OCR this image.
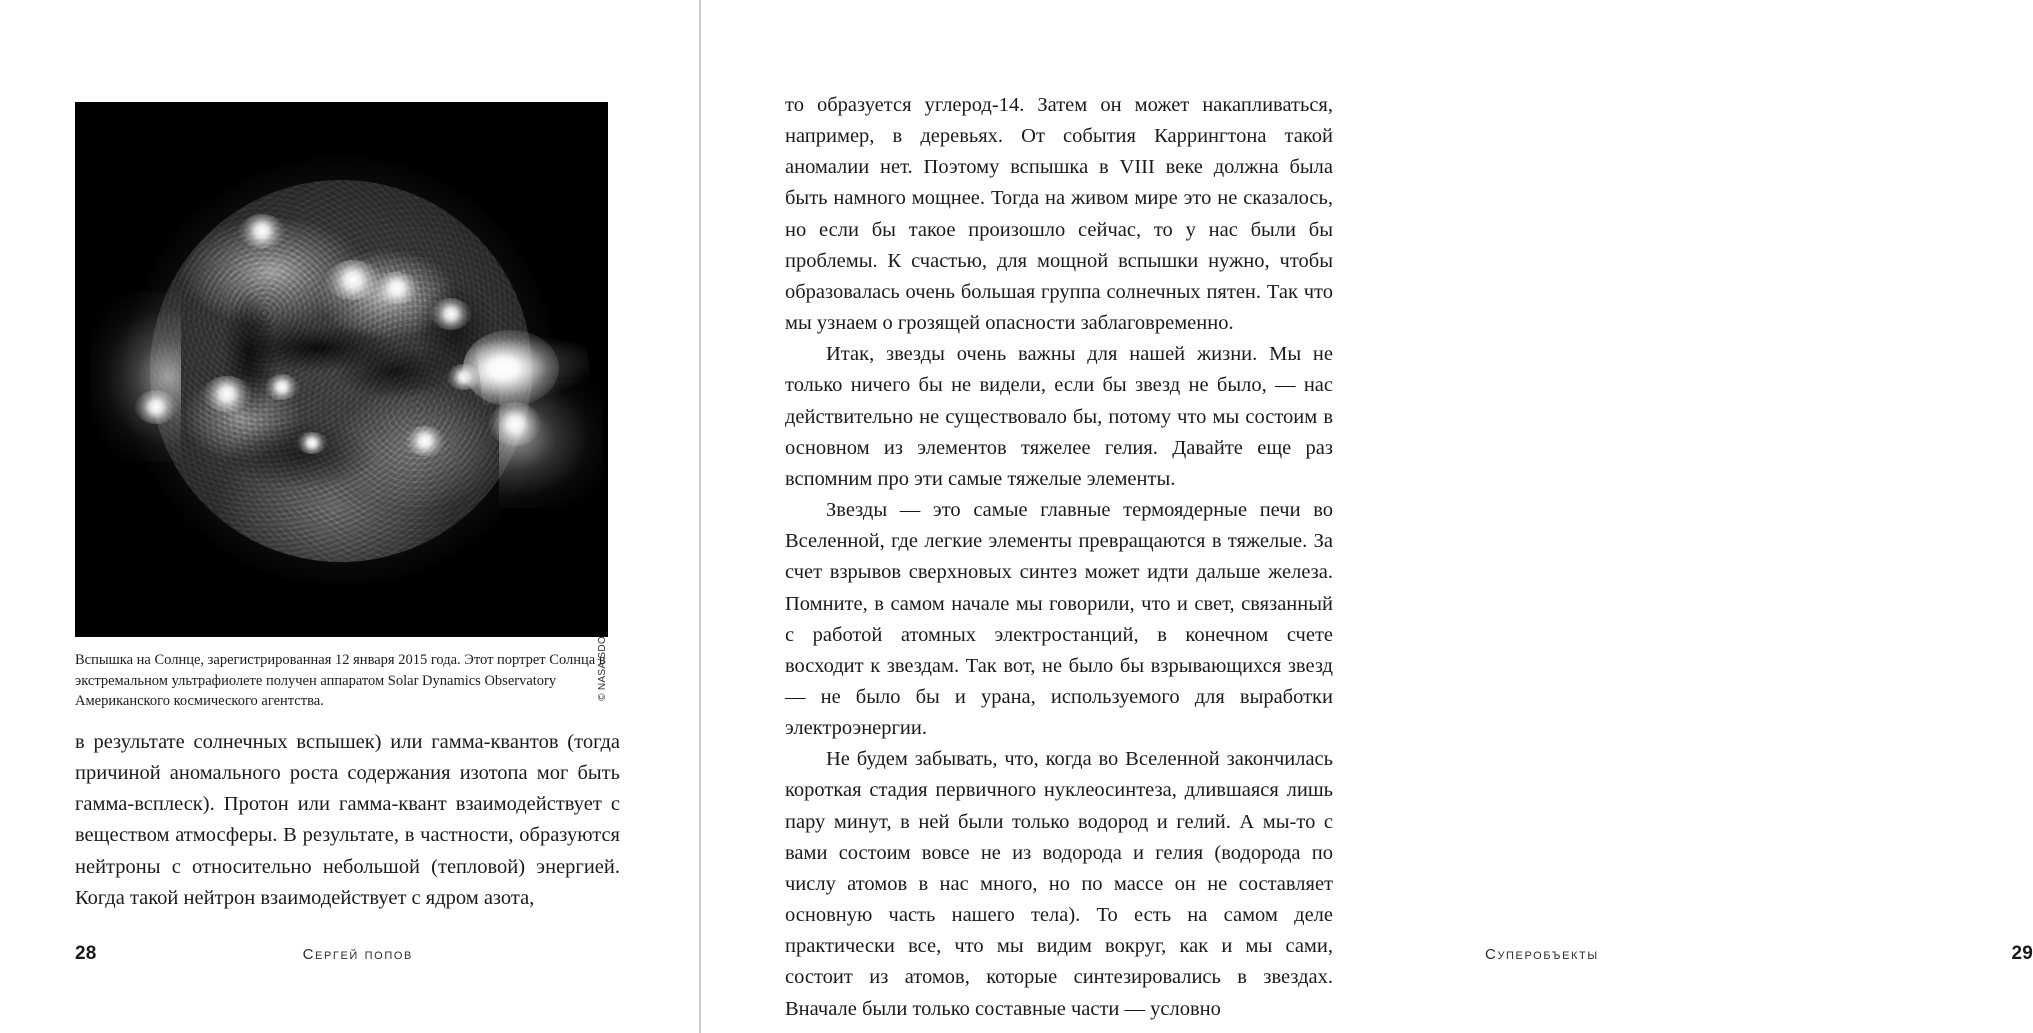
© NASA/SDO
Вспышка на Солнце, зарегистрированная 12 января 2015 года. Этот портрет Солнца в экстремальном ультрафиолете получен аппаратом Solar Dynamics Observatory Американского космического агентства.

в результате солнечных вспышек) или гамма-квантов (тогда причиной аномального роста содержания изотопа мог быть гамма-всплеск). Протон или гамма-квант взаимодействует с веществом атмосферы. В результате, в частности, образуются нейтроны с относительно небольшой (тепловой) энергией. Когда такой нейтрон взаимодействует с ядром азота,

28	сергей попов

то образуется углерод-14. Затем он может накапливаться, например, в деревьях. От события Каррингтона такой аномалии нет. Поэтому вспышка в VIII веке должна была быть намного мощнее. Тогда на живом мире это не сказалось, но если бы такое произошло сейчас, то у нас были бы проблемы. К счастью, для мощной вспышки нужно, чтобы образовалась очень большая группа солнечных пятен. Так что мы узнаем о грозящей опасности заблаговременно.

Итак, звезды очень важны для нашей жизни. Мы не только ничего бы не видели, если бы звезд не было, — нас действительно не существовало бы, потому что мы состоим в основном из элементов тяжелее гелия. Давайте еще раз вспомним про эти самые тяжелые элементы.

Звезды — это самые главные термоядерные печи во Вселенной, где легкие элементы превращаются в тяжелые. За счет взрывов сверхновых синтез может идти дальше железа. Помните, в самом начале мы говорили, что и свет, связанный с работой атомных электростанций, в конечном счете восходит к звездам. Так вот, не было бы взрывающихся звезд — не было бы и урана, используемого для выработки электроэнергии.

Не будем забывать, что, когда во Вселенной закончилась короткая стадия первичного нуклеосинтеза, длившаяся лишь пару минут, в ней были только водород и гелий. А мы-то с вами состоим вовсе не из водорода и гелия (водорода по числу атомов в нас много, но по массе он не составляет основную часть нашего тела). То есть на самом деле практически все, что мы видим вокруг, как и мы сами, состоит из атомов, которые синтезировались в звездах. Вначале были только составные части — условно

Суперобъекты	29
